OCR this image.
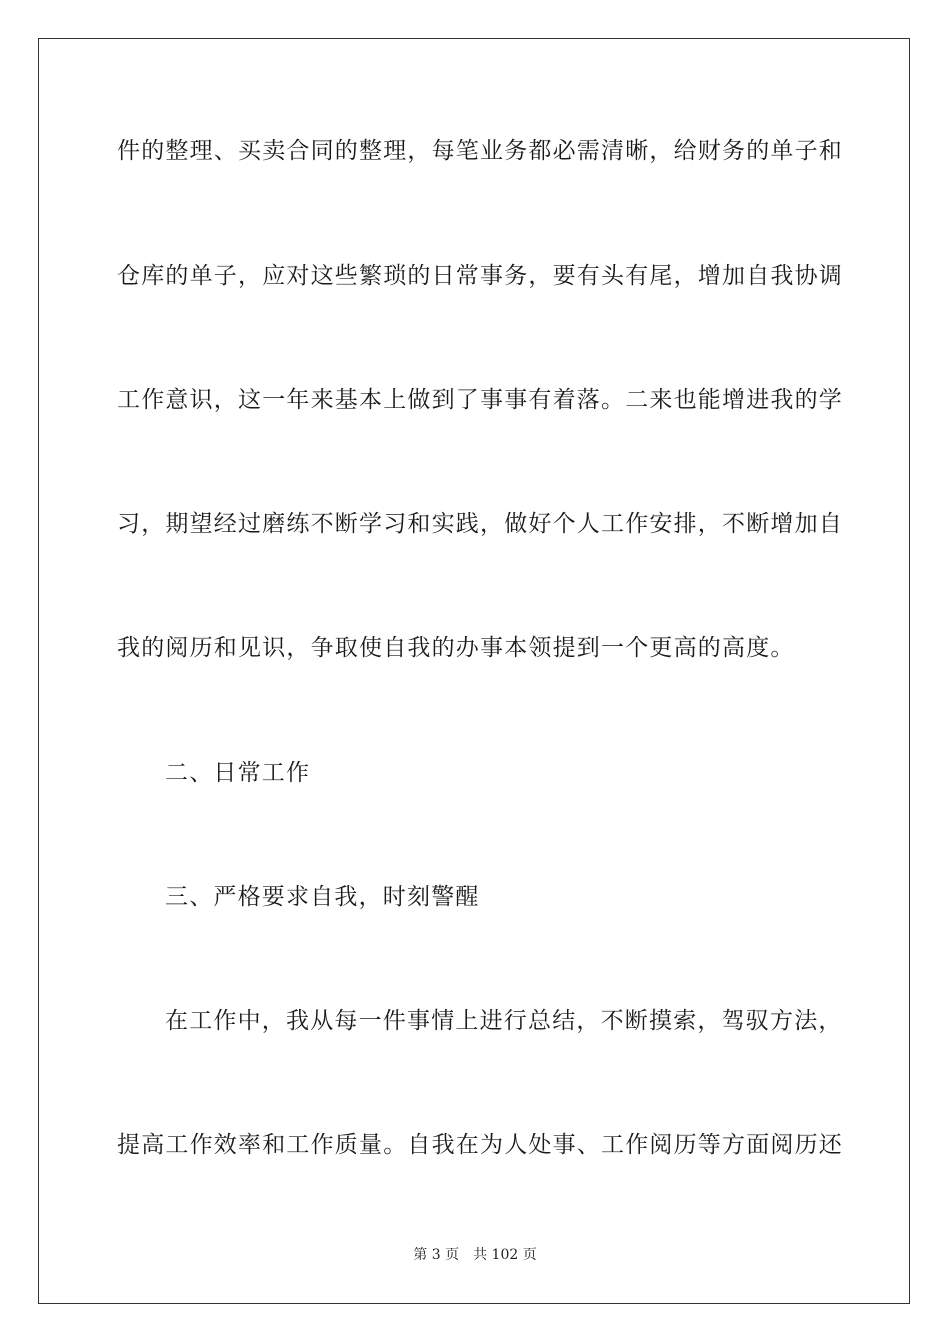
件的整理、买卖合同的整理，每笔业务都必需清晰，给财务的单子和
仓库的单子，应对这些繁琐的日常事务，要有头有尾，增加自我协调
工作意识，这一年来基本上做到了事事有着落。二来也能增进我的学
习，期望经过磨练不断学习和实践，做好个人工作安排，不断增加自
我的阅历和见识，争取使自我的办事本领提到一个更高的高度。
二、日常工作
三、严格要求自我，时刻警醒
在工作中，我从每一件事情上进行总结，不断摸索，驾驭方法，
提高工作效率和工作质量。自我在为人处事、工作阅历等方面阅历还
第 3 页 共 102 页
